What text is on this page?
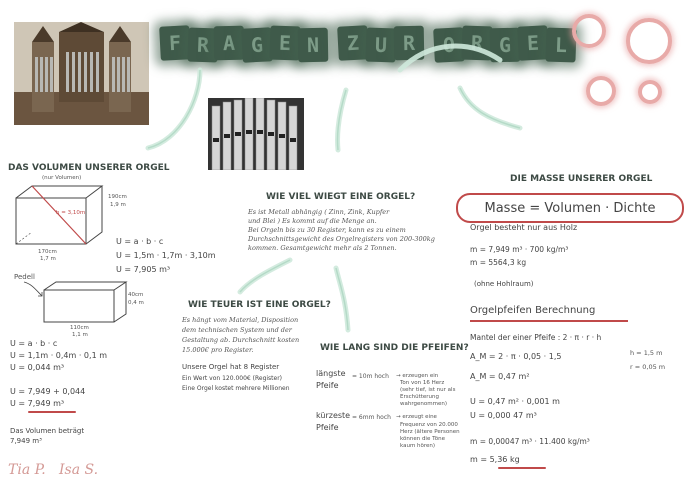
F R A G E N	Z U R	O R G E L
DAS VOLUMEN UNSERER ORGEL
(nur Volumen)
h = 3,10m
190cm
1,9 m
170cm
1,7 m
U = a · b · c
U = 1,5m · 1,7m · 3,10m
U = 7,905 m³
Pedell
40cm
0,4 m
110cm
1,1 m
U = a · b · c
U = 1,1m · 0,4m · 0,1 m
U = 0,044 m³
U = 7,949 + 0,044
U = 7,949 m³
Das Volumen beträgt
7,949 m³
Tia P.   Isa S.
WIE VIEL WIEGT EINE ORGEL?
Es ist Metall abhängig ( Zinn, Zink, Kupfer
und Blei ) Es kommt auf die Menge an.
Bei Orgeln bis zu 30 Register, kann es zu einem
Durchschnittsgewicht des Orgelregisters von 200-300kg
kommen. Gesamtgewicht mehr als 2 Tonnen.
WIE TEUER IST EINE ORGEL?
Es hängt vom Material, Disposition
dem technischen System und der
Gestaltung ab. Durchschnitt kosten
15.000€ pro Register.
Unsere Orgel hat 8 Register
Ein Wert von 120.000€ (Register)
Eine Orgel kostet mehrere Millionen
WIE LANG SIND DIE PFEIFEN?
längste
Pfeife
= 10m hoch → erzeugen ein
Ton von 16 Herz
(sehr tief, ist nur als
Erschütterung
wahrgenommen)
kürzeste
Pfeife
= 6mm hoch → erzeugt eine
Frequenz von 20.000
Herz (ältere Personen
können die Töne
kaum hören)
DIE MASSE UNSERER ORGEL
Masse = Volumen · Dichte
Orgel besteht nur aus Holz
m = 7,949 m³ · 700 kg/m³
m = 5564,3 kg
(ohne Hohlraum)
Orgelpfeifen Berechnung
Mantel der einer Pfeife : 2 · π · r · h
A_M = 2 · π · 0,05 · 1,5
A_M = 0,47 m²
U = 0,47 m² · 0,001 m
U = 0,000 47 m³
m = 0,00047 m³ · 11.400 kg/m³
m = 5,36 kg
h = 1,5 m
r = 0,05 m
